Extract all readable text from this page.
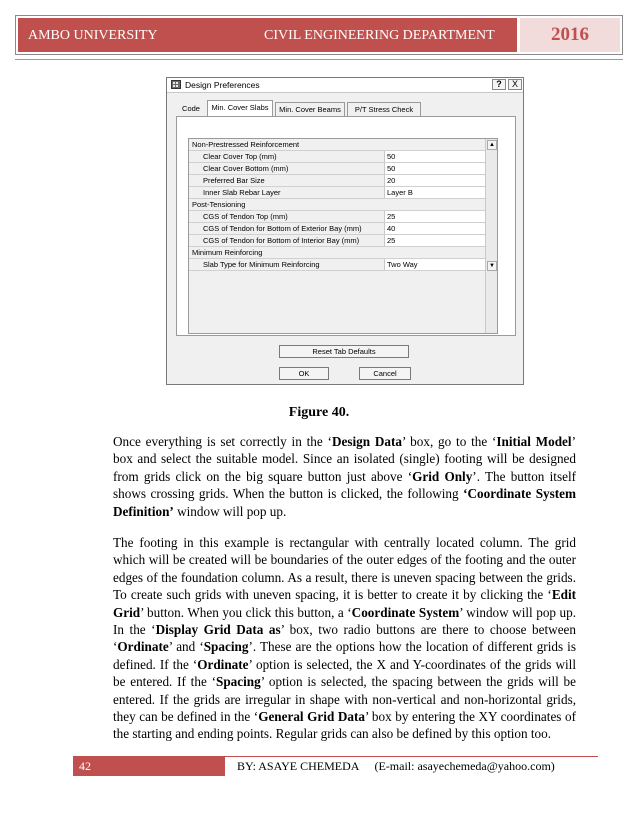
AMBO UNIVERSITY	CIVIL ENGINEERING DEPARTMENT	2016
Design Preferences	?	X
Code	Min. Cover Slabs	Min. Cover Beams	P/T Stress Check
Non-Prestressed Reinforcement
Clear Cover Top (mm)	50
Clear Cover Bottom (mm)	50
Preferred Bar Size	20
Inner Slab Rebar Layer	Layer B
Post-Tensioning
CGS of Tendon Top (mm)	25
CGS of Tendon for Bottom of Exterior Bay (mm)	40
CGS of Tendon for Bottom of Interior Bay (mm)	25
Minimum Reinforcing
Slab Type for Minimum Reinforcing	Two Way
▲
▼
Reset Tab Defaults
OK	Cancel
Figure 40.

Once everything is set correctly in the ‘Design Data’ box, go to the ‘Initial Model’ box and select the suitable model. Since an isolated (single) footing will be designed from grids click on the big square button just above ‘Grid Only’. The button itself shows crossing grids. When the button is clicked, the following ‘Coordinate System Definition’ window will pop up.

The footing in this example is rectangular with centrally located column. The grid which will be created will be boundaries of the outer edges of the footing and the outer edges of the foundation column. As a result, there is uneven spacing between the grids. To create such grids with uneven spacing, it is better to create it by clicking the ‘Edit Grid’ button. When you click this button, a ‘Coordinate System’ window will pop up. In the ‘Display Grid Data as’ box, two radio buttons are there to choose between ‘Ordinate’ and ‘Spacing’. These are the options how the location of different grids is defined. If the ‘Ordinate’ option is selected, the X and Y-coordinates of the grids will be entered. If the ‘Spacing’ option is selected, the spacing between the grids will be entered. If the grids are irregular in shape with non-vertical and non-horizontal grids, they can be defined in the ‘General Grid Data’ box by entering the XY coordinates of the starting and ending points. Regular grids can also be defined by this option too.

42	BY: ASAYE CHEMEDA (E-mail: asayechemeda@yahoo.com)
